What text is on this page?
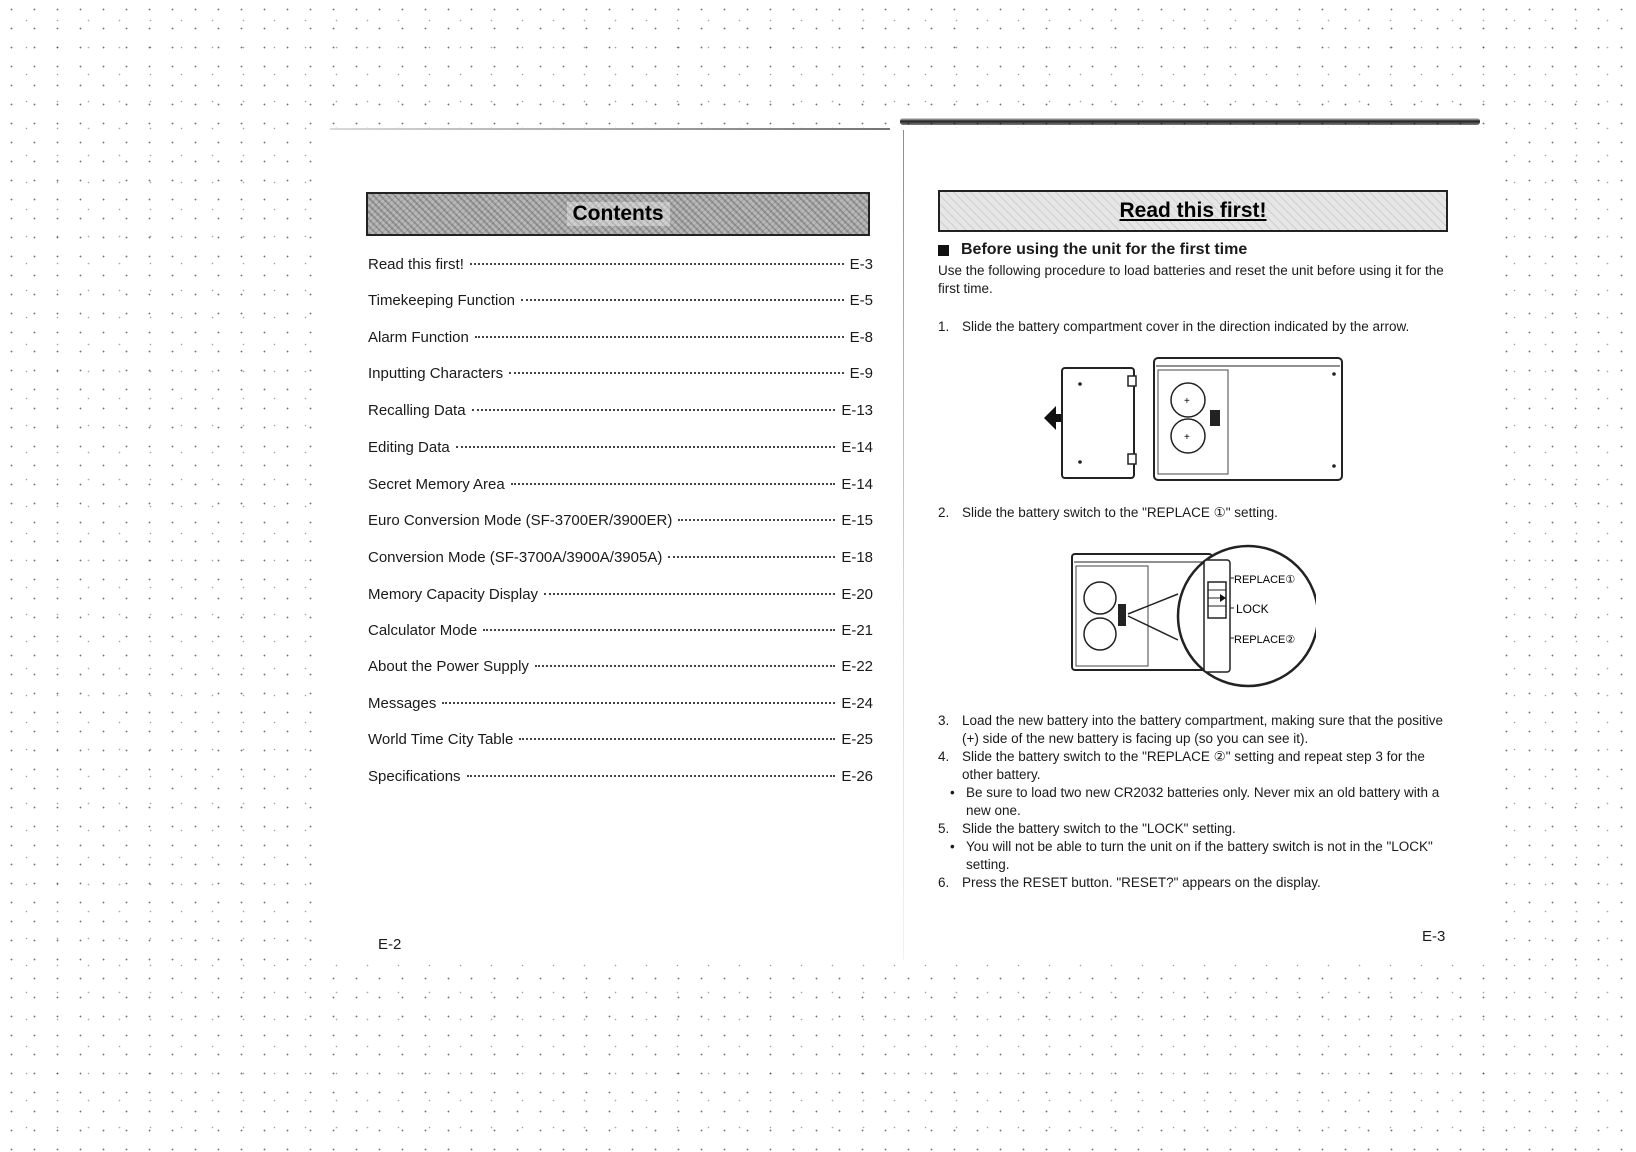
Contents
Read this first!	E-3
Timekeeping Function	E-5
Alarm Function	E-8
Inputting Characters	E-9
Recalling Data	E-13
Editing Data	E-14
Secret Memory Area	E-14
Euro Conversion Mode (SF-3700ER/3900ER)	E-15
Conversion Mode (SF-3700A/3900A/3905A)	E-18
Memory Capacity Display	E-20
Calculator Mode	E-21
About the Power Supply	E-22
Messages	E-24
World Time City Table	E-25
Specifications	E-26
E-2
Read this first!
Before using the unit for the first time
Use the following procedure to load batteries and reset the unit before using it for the first time.
1. Slide the battery compartment cover in the direction indicated by the arrow.
+
+
2. Slide the battery switch to the "REPLACE ①" setting.
REPLACE①
LOCK
REPLACE②
3. Load the new battery into the battery compartment, making sure that the positive (+) side of the new battery is facing up (so you can see it).
4. Slide the battery switch to the "REPLACE ②" setting and repeat step 3 for the other battery.
• Be sure to load two new CR2032 batteries only. Never mix an old battery with a new one.
5. Slide the battery switch to the "LOCK" setting.
• You will not be able to turn the unit on if the battery switch is not in the "LOCK" setting.
6. Press the RESET button. "RESET?" appears on the display.
E-3
